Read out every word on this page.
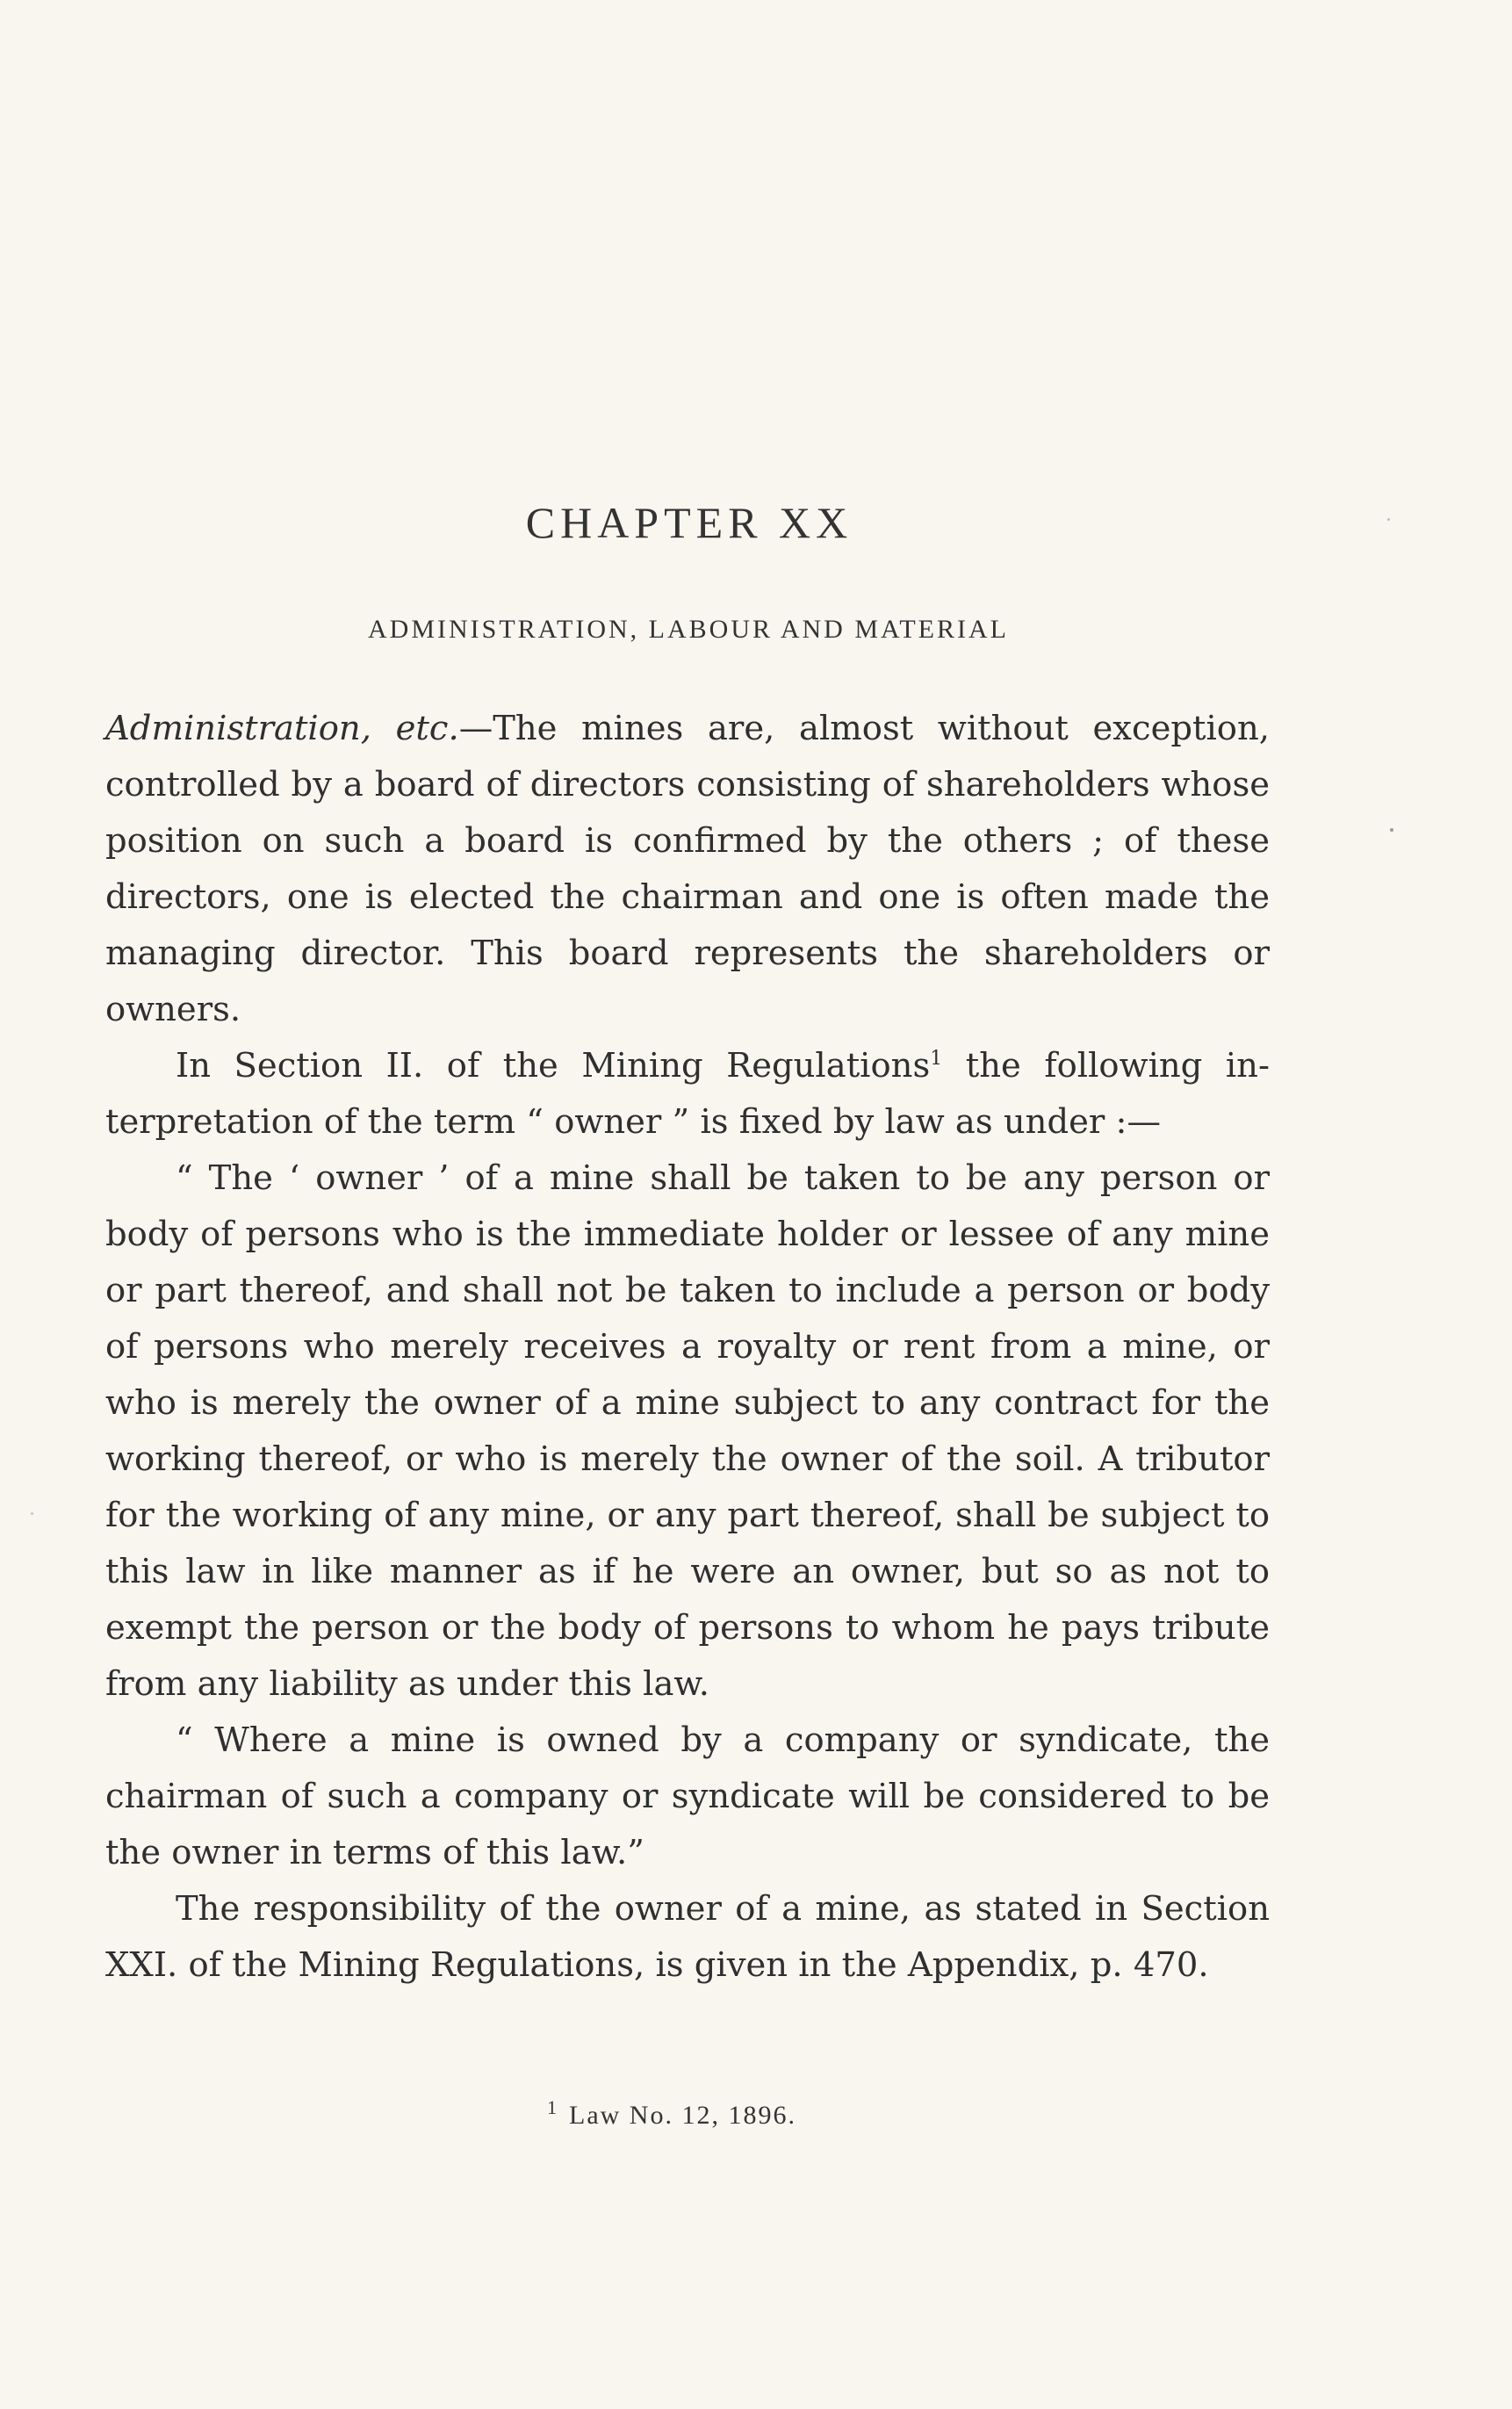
CHAPTER XX
ADMINISTRATION, LABOUR AND MATERIAL

Administration, etc.—The mines are, almost without exception, controlled by a board of directors consisting of shareholders whose position on such a board is confirmed by the others ; of these directors, one is elected the chairman and one is often made the managing director. This board represents the shareholders or owners.

In Section II. of the Mining Regulations$^1$ the following interpretation of the term “ owner ” is fixed by law as under :—

“ The ‘ owner ’ of a mine shall be taken to be any person or body of persons who is the immediate holder or lessee of any mine or part thereof, and shall not be taken to include a person or body of persons who merely receives a royalty or rent from a mine, or who is merely the owner of a mine subject to any contract for the working thereof, or who is merely the owner of the soil. A tributor for the working of any mine, or any part thereof, shall be subject to this law in like manner as if he were an owner, but so as not to exempt the person or the body of persons to whom he pays tribute from any liability as under this law.

“ Where a mine is owned by a company or syndicate, the chairman of such a company or syndicate will be considered to be the owner in terms of this law.”

The responsibility of the owner of a mine, as stated in Section XXI. of the Mining Regulations, is given in the Appendix, p. 470.

$^1$ Law No. 12, 1896.
